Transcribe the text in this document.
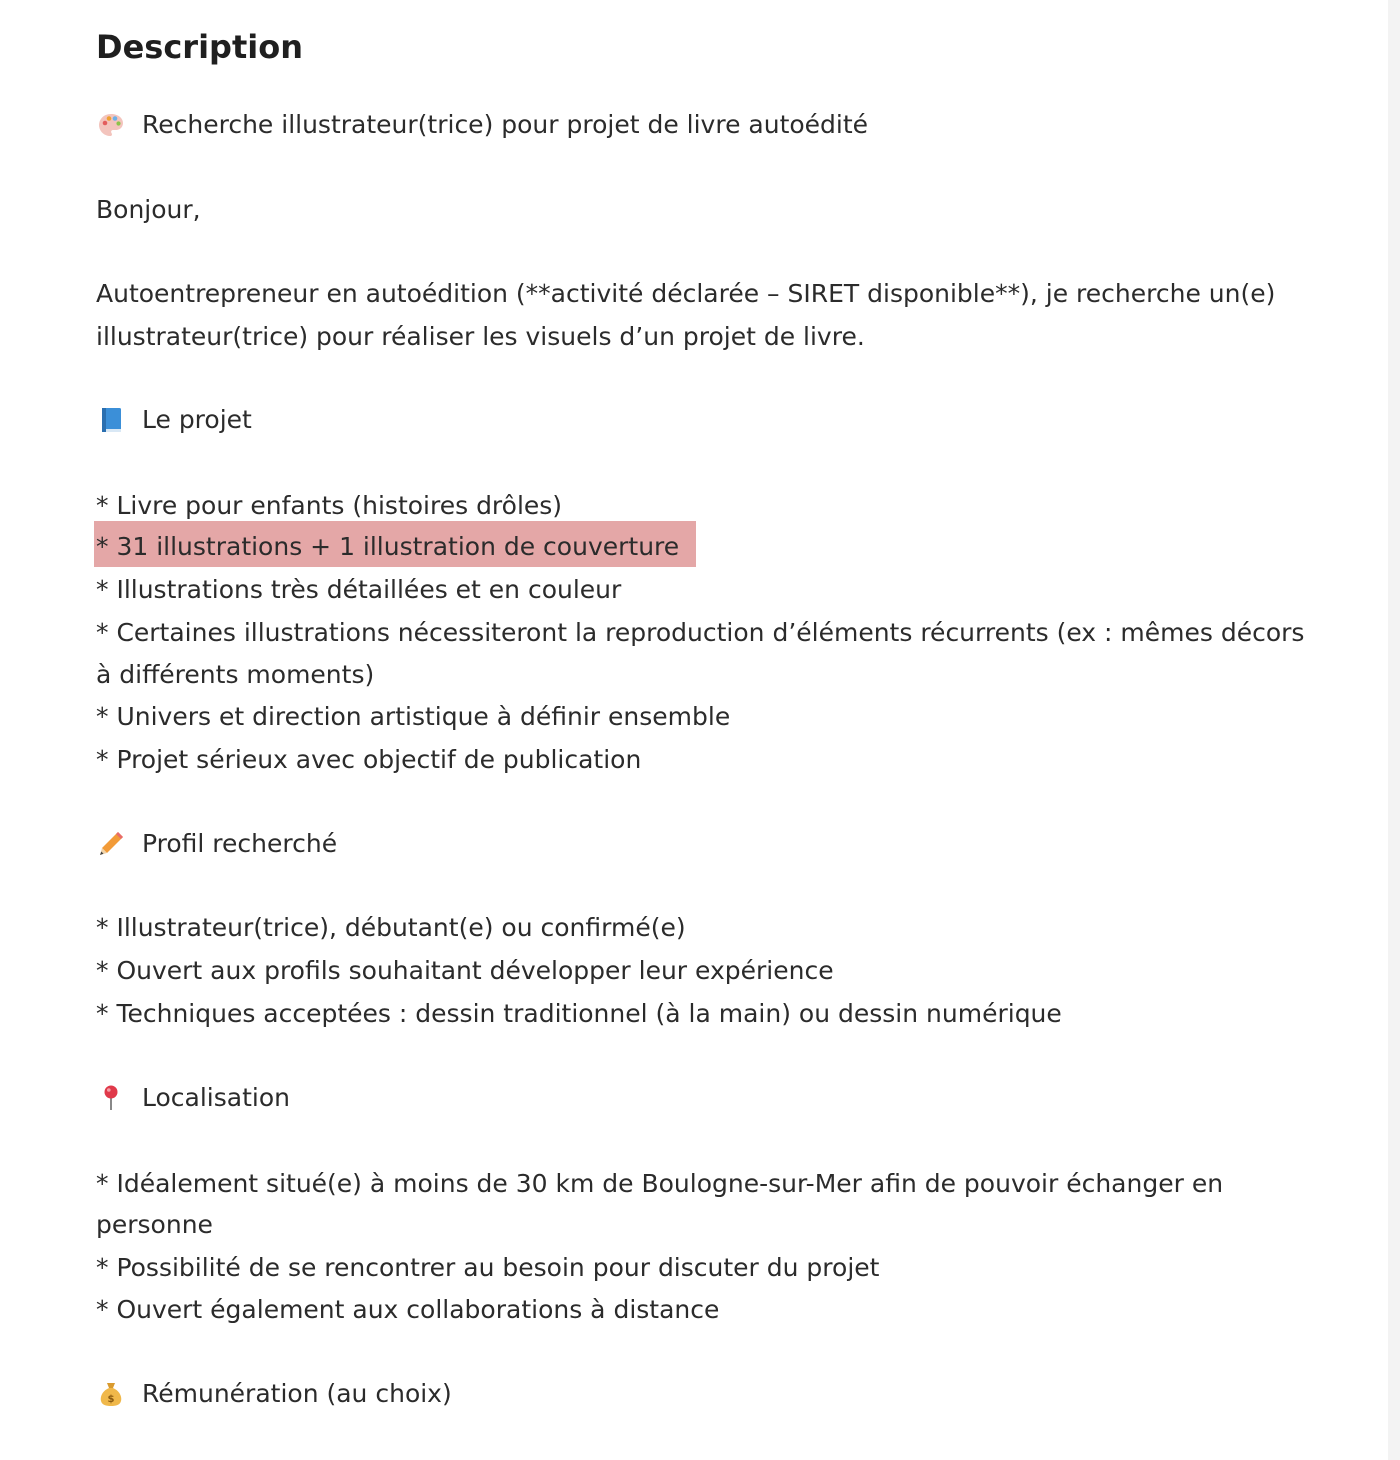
Description
Recherche illustrateur(trice) pour projet de livre autoédité
Bonjour,
Autoentrepreneur en autoédition (**activité déclarée – SIRET disponible**), je recherche un(e)
illustrateur(trice) pour réaliser les visuels d’un projet de livre.
Le projet
* Livre pour enfants (histoires drôles)
* 31 illustrations + 1 illustration de couverture
* Illustrations très détaillées et en couleur
* Certaines illustrations nécessiteront la reproduction d’éléments récurrents (ex : mêmes décors
à différents moments)
* Univers et direction artistique à définir ensemble
* Projet sérieux avec objectif de publication
Profil recherché
* Illustrateur(trice), débutant(e) ou confirmé(e)
* Ouvert aux profils souhaitant développer leur expérience
* Techniques acceptées : dessin traditionnel (à la main) ou dessin numérique
Localisation
* Idéalement situé(e) à moins de 30 km de Boulogne-sur-Mer afin de pouvoir échanger en
personne
* Possibilité de se rencontrer au besoin pour discuter du projet
* Ouvert également aux collaborations à distance
$ Rémunération (au choix)
